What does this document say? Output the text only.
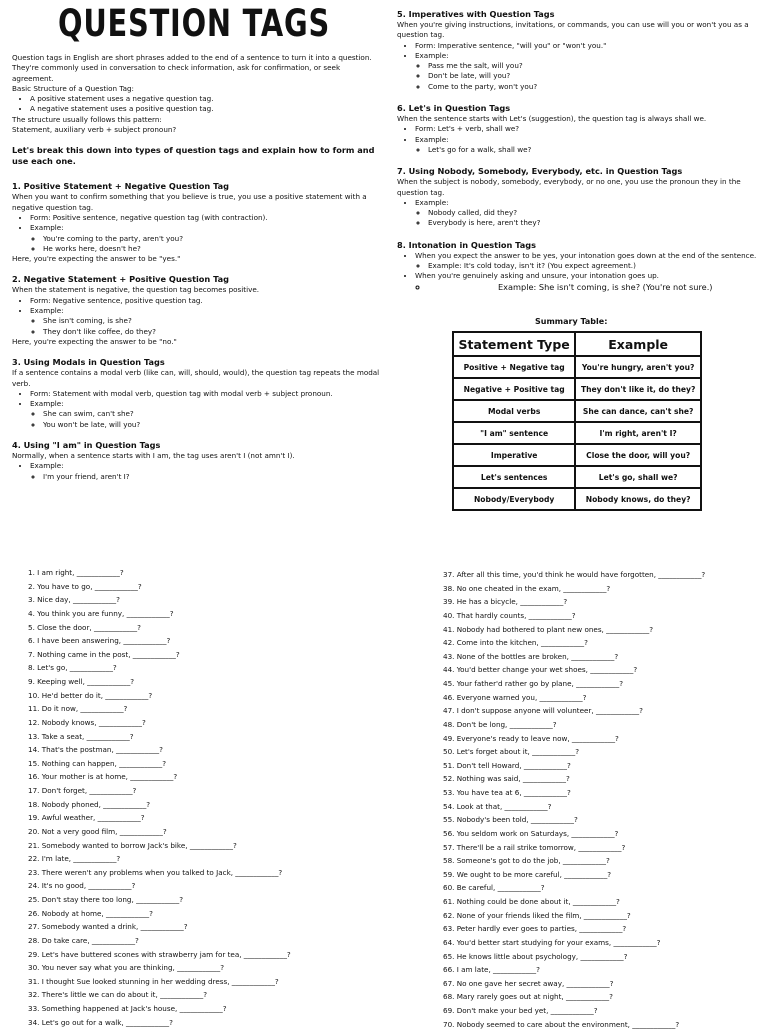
QUESTION TAGS

Question tags in English are short phrases added to the end of a sentence to turn it into a question. They're commonly used in conversation to check information, ask for confirmation, or seek agreement.

Basic Structure of a Question Tag:

• A positive statement uses a negative question tag.
• A negative statement uses a positive question tag.

The structure usually follows this pattern:

Statement, auxiliary verb + subject pronoun?

Let's break this down into types of question tags and explain how to form and use each one.

1. Positive Statement + Negative Question Tag

When you want to confirm something that you believe is true, you use a positive statement with a negative question tag.

• Form: Positive sentence, negative question tag (with contraction).
• Example:
◦ You're coming to the party, aren't you?
◦ He works here, doesn't he?

Here, you're expecting the answer to be "yes."

2. Negative Statement + Positive Question Tag

When the statement is negative, the question tag becomes positive.

• Form: Negative sentence, positive question tag.
• Example:
◦ She isn't coming, is she?
◦ They don't like coffee, do they?

Here, you're expecting the answer to be "no."

3. Using Modals in Question Tags

If a sentence contains a modal verb (like can, will, should, would), the question tag repeats the modal verb.

• Form: Statement with modal verb, question tag with modal verb + subject pronoun.
• Example:
◦ She can swim, can't she?
◦ You won't be late, will you?

4. Using "I am" in Question Tags

Normally, when a sentence starts with I am, the tag uses aren't I (not amn't I).

• Example:
◦ I'm your friend, aren't I?

5. Imperatives with Question Tags

When you're giving instructions, invitations, or commands, you can use will you or won't you as a question tag.

• Form: Imperative sentence, "will you" or "won't you."
• Example:
◦ Pass me the salt, will you?
◦ Don't be late, will you?
◦ Come to the party, won't you?

6. Let's in Question Tags

When the sentence starts with Let's (suggestion), the question tag is always shall we.

• Form: Let's + verb, shall we?
• Example:
◦ Let's go for a walk, shall we?

7. Using Nobody, Somebody, Everybody, etc. in Question Tags

When the subject is nobody, somebody, everybody, or no one, you use the pronoun they in the question tag.

• Example:
◦ Nobody called, did they?
◦ Everybody is here, aren't they?

8. Intonation in Question Tags

• When you expect the answer to be yes, your intonation goes down at the end of the sentence.
◦ Example: It's cold today, isn't it? (You expect agreement.)
• When you're genuinely asking and unsure, your intonation goes up.
◦ Example: She isn't coming, is she? (You're not sure.)
Summary Table:
Statement Type	Example
Positive + Negative tag	You're hungry, aren't you?
Negative + Positive tag	They don't like it, do they?
Modal verbs	She can dance, can't she?
"I am" sentence	I'm right, aren't I?
Imperative	Close the door, will you?
Let's sentences	Let's go, shall we?
Nobody/Everybody	Nobody knows, do they?
1. I am right, ____________?
2. You have to go, ____________?
3. Nice day, ____________?
4. You think you are funny, ____________?
5. Close the door, ____________?
6. I have been answering, ____________?
7. Nothing came in the post, ____________?
8. Let's go, ____________?
9. Keeping well, ____________?
10. He'd better do it, ____________?
11. Do it now, ____________?
12. Nobody knows, ____________?
13. Take a seat, ____________?
14. That's the postman, ____________?
15. Nothing can happen, ____________?
16. Your mother is at home, ____________?
17. Don't forget, ____________?
18. Nobody phoned, ____________?
19. Awful weather, ____________?
20. Not a very good film, ____________?
21. Somebody wanted to borrow Jack's bike, ____________?
22. I'm late, ____________?
23. There weren't any problems when you talked to Jack, ____________?
24. It's no good, ____________?
25. Don't stay there too long, ____________?
26. Nobody at home, ____________?
27. Somebody wanted a drink, ____________?
28. Do take care, ____________?
29. Let's have buttered scones with strawberry jam for tea, ____________?
30. You never say what you are thinking, ____________?
31. I thought Sue looked stunning in her wedding dress, ____________?
32. There's little we can do about it, ____________?
33. Something happened at Jack's house, ____________?
34. Let's go out for a walk, ____________?
37. After all this time, you'd think he would have forgotten, ____________?
38. No one cheated in the exam, ____________?
39. He has a bicycle, ____________?
40. That hardly counts, ____________?
41. Nobody had bothered to plant new ones, ____________?
42. Come into the kitchen, ____________?
43. None of the bottles are broken, ____________?
44. You'd better change your wet shoes, ____________?
45. Your father'd rather go by plane, ____________?
46. Everyone warned you, ____________?
47. I don't suppose anyone will volunteer, ____________?
48. Don't be long, ____________?
49. Everyone's ready to leave now, ____________?
50. Let's forget about it, ____________?
51. Don't tell Howard, ____________?
52. Nothing was said, ____________?
53. You have tea at 6, ____________?
54. Look at that, ____________?
55. Nobody's been told, ____________?
56. You seldom work on Saturdays, ____________?
57. There'll be a rail strike tomorrow, ____________?
58. Someone's got to do the job, ____________?
59. We ought to be more careful, ____________?
60. Be careful, ____________?
61. Nothing could be done about it, ____________?
62. None of your friends liked the film, ____________?
63. Peter hardly ever goes to parties, ____________?
64. You'd better start studying for your exams, ____________?
65. He knows little about psychology, ____________?
66. I am late, ____________?
67. No one gave her secret away, ____________?
68. Mary rarely goes out at night, ____________?
69. Don't make your bed yet, ____________?
70. Nobody seemed to care about the environment, ____________?
